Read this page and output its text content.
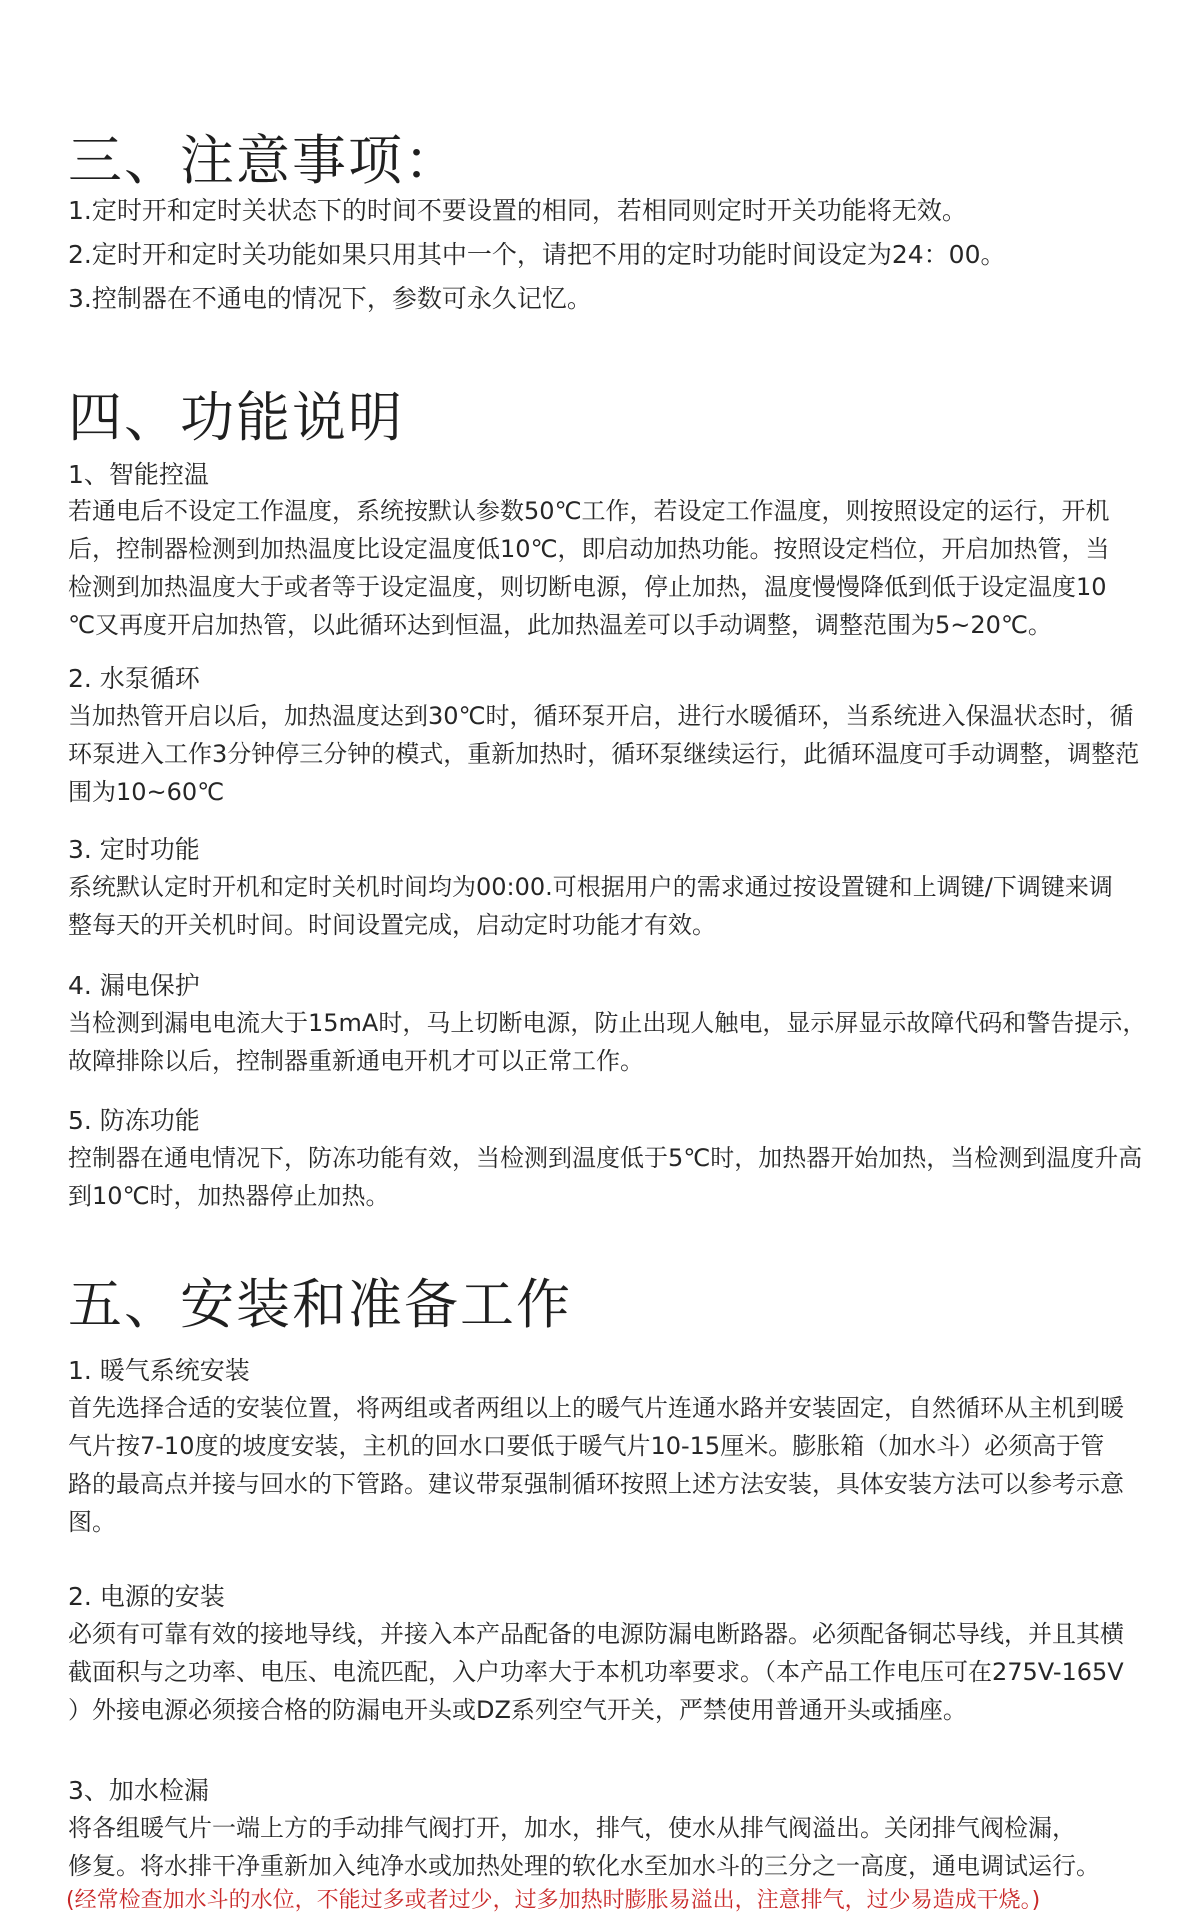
三、注意事项：

1.定时开和定时关状态下的时间不要设置的相同，若相同则定时开关功能将无效。

2.定时开和定时关功能如果只用其中一个，请把不用的定时功能时间设定为24：00。

3.控制器在不通电的情况下，参数可永久记忆。

四、功能说明

1、智能控温

若通电后不设定工作温度，系统按默认参数50℃工作，若设定工作温度，则按照设定的运行，开机
后，控制器检测到加热温度比设定温度低10℃，即启动加热功能。按照设定档位，开启加热管，当
检测到加热温度大于或者等于设定温度，则切断电源，停止加热，温度慢慢降低到低于设定温度10
℃又再度开启加热管，以此循环达到恒温，此加热温差可以手动调整，调整范围为5~20℃。

2. 水泵循环

当加热管开启以后，加热温度达到30℃时，循环泵开启，进行水暖循环，当系统进入保温状态时，循
环泵进入工作3分钟停三分钟的模式，重新加热时，循环泵继续运行，此循环温度可手动调整，调整范
围为10~60℃

3. 定时功能

系统默认定时开机和定时关机时间均为00:00.可根据用户的需求通过按设置键和上调键/下调键来调
整每天的开关机时间。时间设置完成，启动定时功能才有效。

4. 漏电保护

当检测到漏电电流大于15mA时，马上切断电源，防止出现人触电，显示屏显示故障代码和警告提示，
故障排除以后，控制器重新通电开机才可以正常工作。

5. 防冻功能

控制器在通电情况下，防冻功能有效，当检测到温度低于5℃时，加热器开始加热，当检测到温度升高
到10℃时，加热器停止加热。
五、安装和准备工作

1. 暖气系统安装

首先选择合适的安装位置，将两组或者两组以上的暖气片连通水路并安装固定，自然循环从主机到暖
气片按7-10度的坡度安装，主机的回水口要低于暖气片10-15厘米。膨胀箱（加水斗）必须高于管
路的最高点并接与回水的下管路。建议带泵强制循环按照上述方法安装，具体安装方法可以参考示意
图。

2. 电源的安装

必须有可靠有效的接地导线，并接入本产品配备的电源防漏电断路器。必须配备铜芯导线，并且其横
截面积与之功率、电压、电流匹配，入户功率大于本机功率要求。（本产品工作电压可在275V-165V
）外接电源必须接合格的防漏电开头或DZ系列空气开关，严禁使用普通开头或插座。

3、加水检漏

将各组暖气片一端上方的手动排气阀打开，加水，排气，使水从排气阀溢出。关闭排气阀检漏，
修复。将水排干净重新加入纯净水或加热处理的软化水至加水斗的三分之一高度，通电调试运行。

(经常检查加水斗的水位，不能过多或者过少，过多加热时膨胀易溢出，注意排气，过少易造成干烧。)
